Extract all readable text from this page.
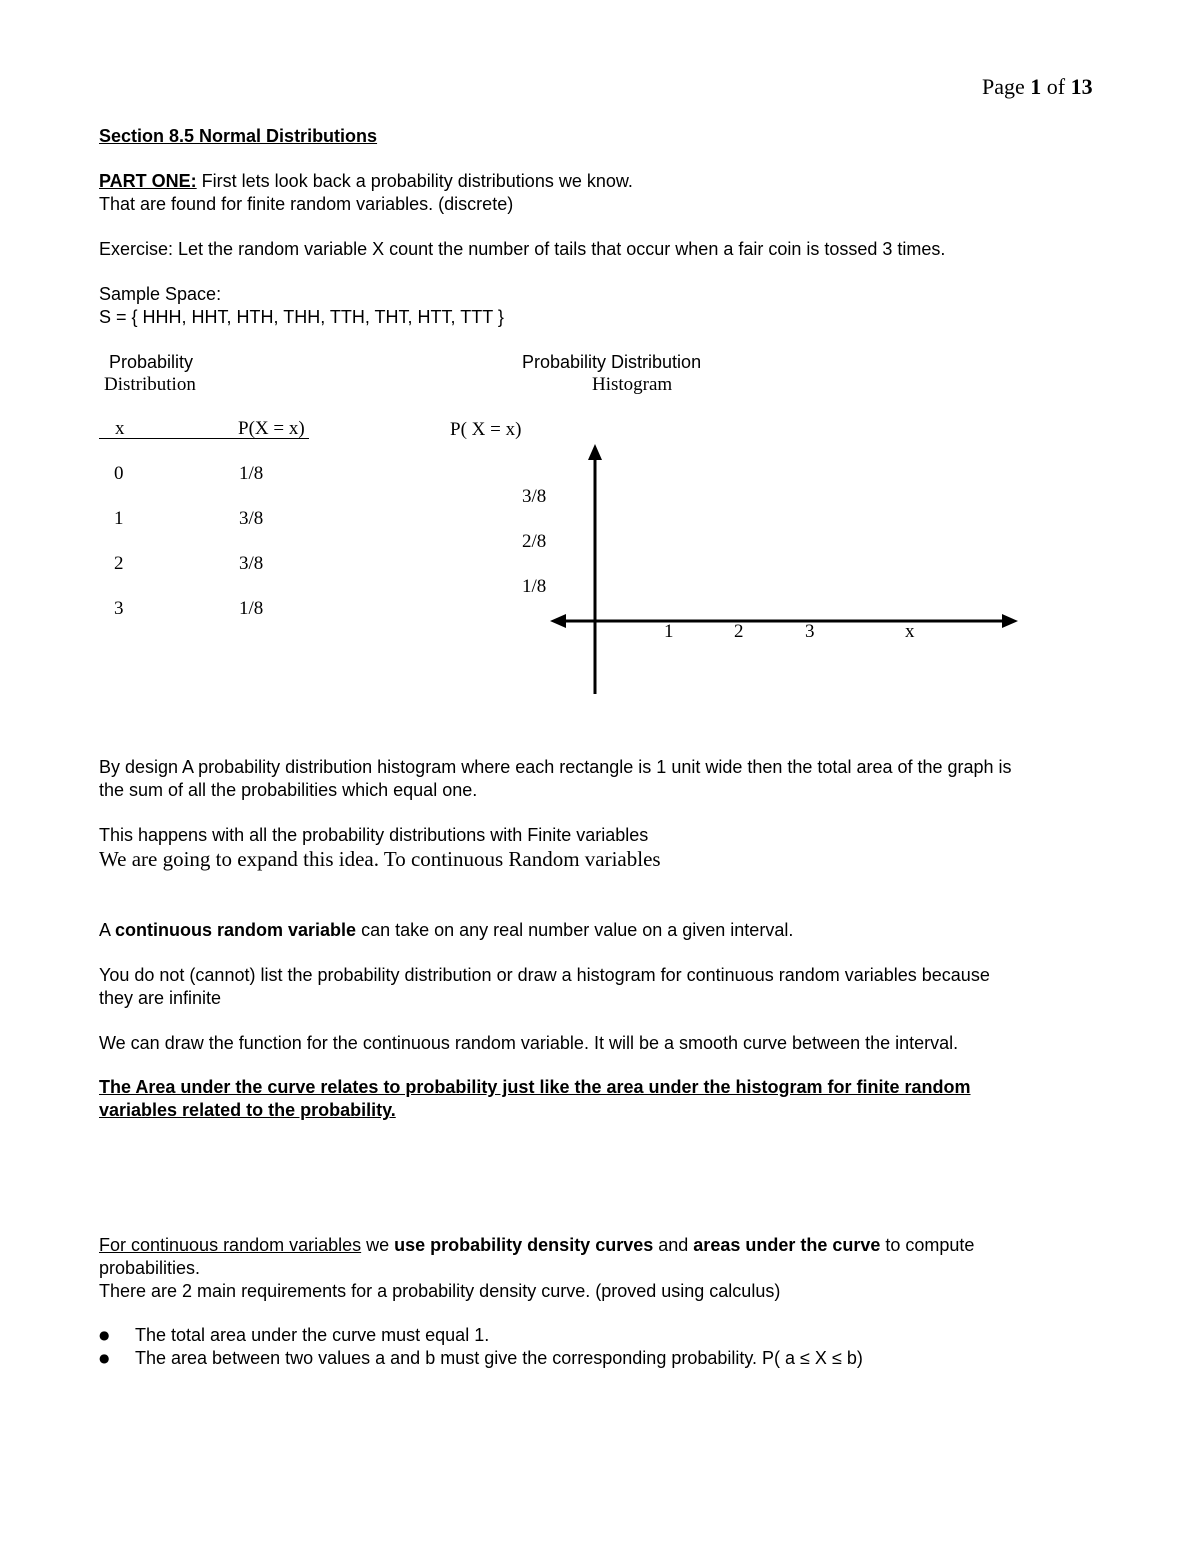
Page 1 of 13
Section 8.5 Normal Distributions
PART ONE: First lets look back a probability distributions we know.
That are found for finite random variables. (discrete)
Exercise: Let the random variable X count the number of tails that occur when a fair coin is tossed 3 times.
Sample Space:
S = { HHH, HHT, HTH, THH, TTH, THT, HTT, TTT }
Probability
Distribution
x	P(X = x)
0	1/8
1	3/8
2	3/8
3	1/8
Probability Distribution
Histogram
P( X = x)
3/8
2/8
1/8
1	2	3	x
By design A probability distribution histogram where each rectangle is 1 unit wide then the total area of the graph is
the sum of all the probabilities which equal one.
This happens with all the probability distributions with Finite variables
We are going to expand this idea. To continuous Random variables
A continuous random variable can take on any real number value on a given interval.
You do not (cannot) list the probability distribution or draw a histogram for continuous random variables because
they are infinite
We can draw the function for the continuous random variable. It will be a smooth curve between the interval.
The Area under the curve relates to probability just like the area under the histogram for finite random
variables related to the probability.
For continuous random variables we use probability density curves and areas under the curve to compute
probabilities.
There are 2 main requirements for a probability density curve. (proved using calculus)
● The total area under the curve must equal 1.
● The area between two values a and b must give the corresponding probability. P( a ≤ X ≤ b)
